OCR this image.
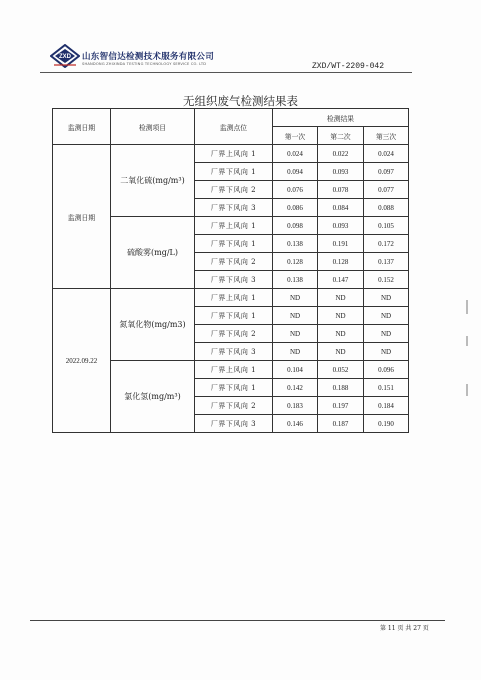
ZXD 山东智信达检测技术服务有限公司
SHANDONG ZHIXINDA TESTING TECHNOLOGY SERVICE CO. LTD	ZXD/WT-2209-042
无组织废气检测结果表
监测日期	检测项目	监测点位	检测结果		
			第一次	第二次	第三次
监测日期	二氧化硫(mg/m³)	厂界上风向 1	0.024	0.022	0.024
		厂界下风向 1	0.094	0.093	0.097
		厂界下风向 2	0.076	0.078	0.077
		厂界下风向 3	0.086	0.084	0.088
	硫酸雾(mg/L)	厂界上风向 1	0.098	0.093	0.105
		厂界下风向 1	0.138	0.191	0.172
		厂界下风向 2	0.128	0.128	0.137
		厂界下风向 3	0.138	0.147	0.152
2022.09.22	氮氧化物(mg/m3)	厂界上风向 1	ND	ND	ND
		厂界下风向 1	ND	ND	ND
		厂界下风向 2	ND	ND	ND
		厂界下风向 3	ND	ND	ND
	氯化氢(mg/m³)	厂界上风向 1	0.104	0.052	0.096
		厂界下风向 1	0.142	0.188	0.151
		厂界下风向 2	0.183	0.197	0.184
		厂界下风向 3	0.146	0.187	0.190
第 11 页 共 27 页
